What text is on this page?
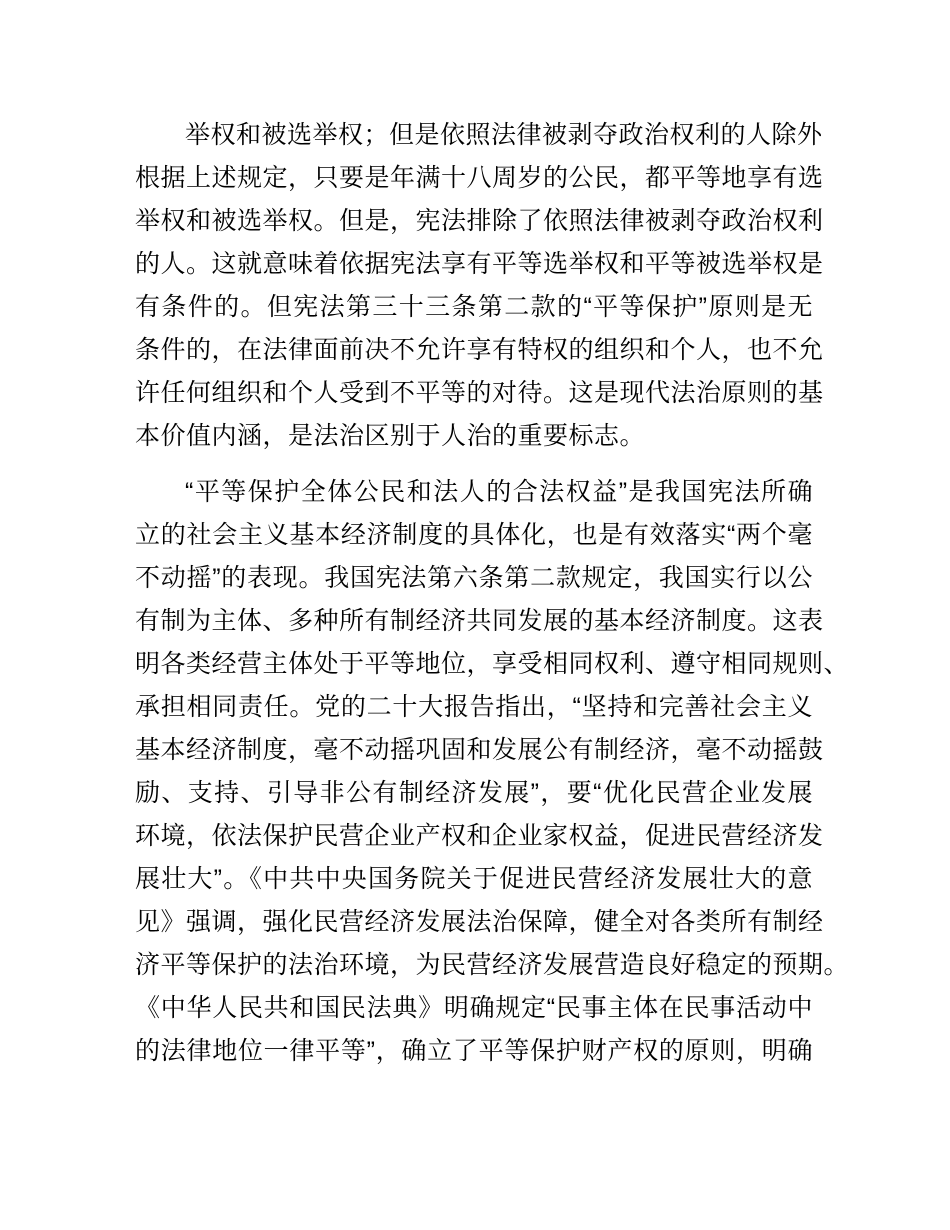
举权和被选举权；但是依照法律被剥夺政治权利的人除外
根据上述规定，只要是年满十八周岁的公民，都平等地享有选
举权和被选举权。但是，宪法排除了依照法律被剥夺政治权利
的人。这就意味着依据宪法享有平等选举权和平等被选举权是
有条件的。但宪法第三十三条第二款的“平等保护”原则是无
条件的，在法律面前决不允许享有特权的组织和个人，也不允
许任何组织和个人受到不平等的对待。这是现代法治原则的基
本价值内涵，是法治区别于人治的重要标志。
“平等保护全体公民和法人的合法权益”是我国宪法所确
立的社会主义基本经济制度的具体化，也是有效落实“两个毫
不动摇”的表现。我国宪法第六条第二款规定，我国实行以公
有制为主体、多种所有制经济共同发展的基本经济制度。这表
明各类经营主体处于平等地位，享受相同权利、遵守相同规则、
承担相同责任。党的二十大报告指出，“坚持和完善社会主义
基本经济制度，毫不动摇巩固和发展公有制经济，毫不动摇鼓
励、支持、引导非公有制经济发展”，要“优化民营企业发展
环境，依法保护民营企业产权和企业家权益，促进民营经济发
展壮大”。《中共中央国务院关于促进民营经济发展壮大的意
见》强调，强化民营经济发展法治保障，健全对各类所有制经
济平等保护的法治环境，为民营经济发展营造良好稳定的预期。
《中华人民共和国民法典》明确规定“民事主体在民事活动中
的法律地位一律平等”，确立了平等保护财产权的原则，明确
